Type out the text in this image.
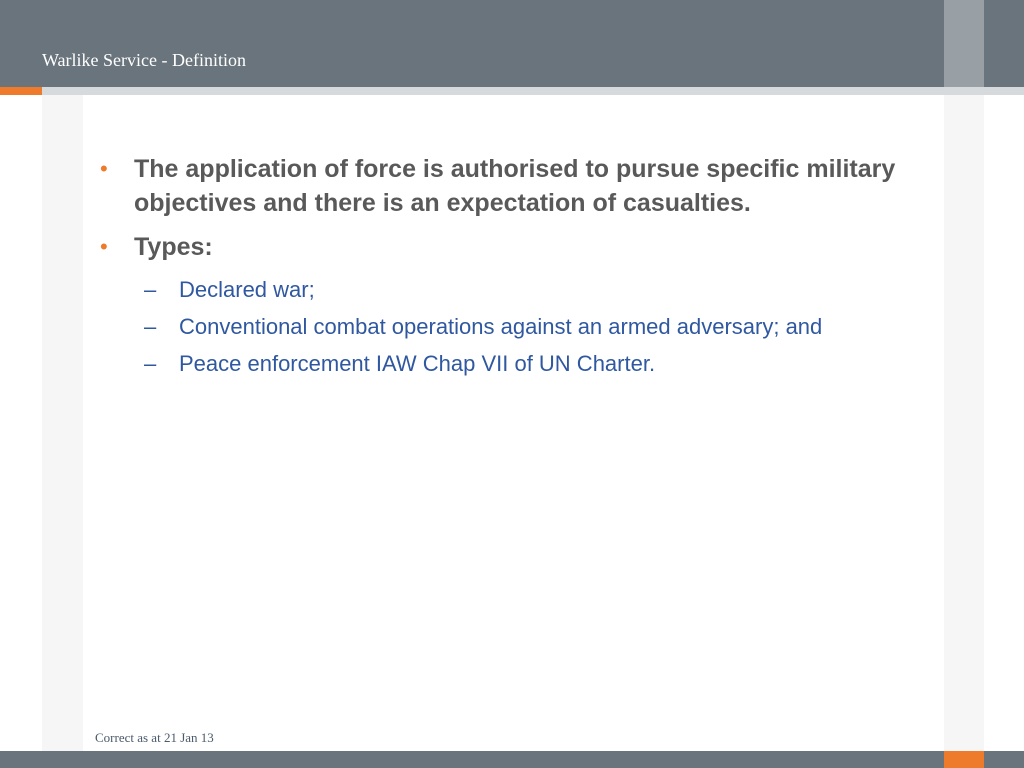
Warlike Service - Definition
• The application of force is authorised to pursue specific military objectives and there is an expectation of casualties.
• Types:
– Declared war;
– Conventional combat operations against an armed adversary; and
– Peace enforcement IAW Chap VII of UN Charter.
Correct as at 21 Jan 13
